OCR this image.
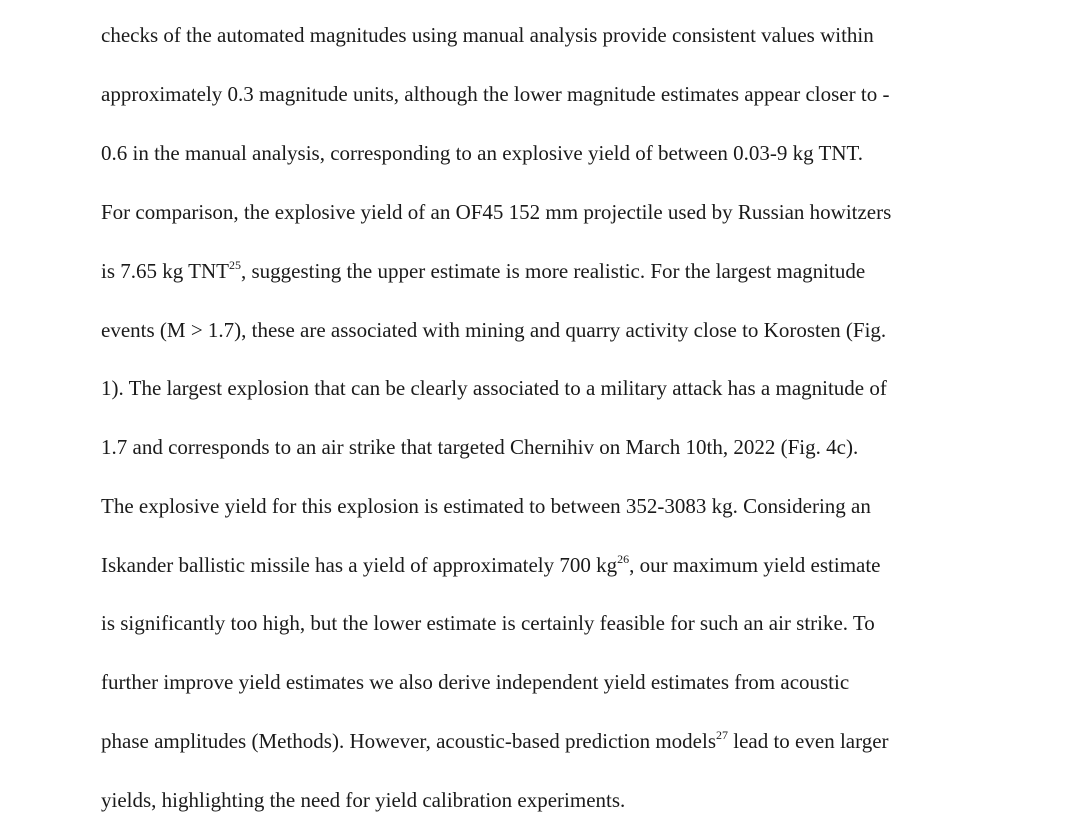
checks of the automated magnitudes using manual analysis provide consistent values within
approximately 0.3 magnitude units, although the lower magnitude estimates appear closer to -
0.6 in the manual analysis, corresponding to an explosive yield of between 0.03-9 kg TNT.
For comparison, the explosive yield of an OF45 152 mm projectile used by Russian howitzers
is 7.65 kg TNT$^{25}$, suggesting the upper estimate is more realistic. For the largest magnitude
events (M > 1.7), these are associated with mining and quarry activity close to Korosten (Fig.
1). The largest explosion that can be clearly associated to a military attack has a magnitude of
1.7 and corresponds to an air strike that targeted Chernihiv on March 10th, 2022 (Fig. 4c).
The explosive yield for this explosion is estimated to between 352-3083 kg. Considering an
Iskander ballistic missile has a yield of approximately 700 $kg^{26}$, our maximum yield estimate
is significantly too high, but the lower estimate is certainly feasible for such an air strike. To
further improve yield estimates we also derive independent yield estimates from acoustic
phase amplitudes (Methods). However, acoustic-based prediction models$^{27}$ lead to even larger
yields, highlighting the need for yield calibration experiments.
